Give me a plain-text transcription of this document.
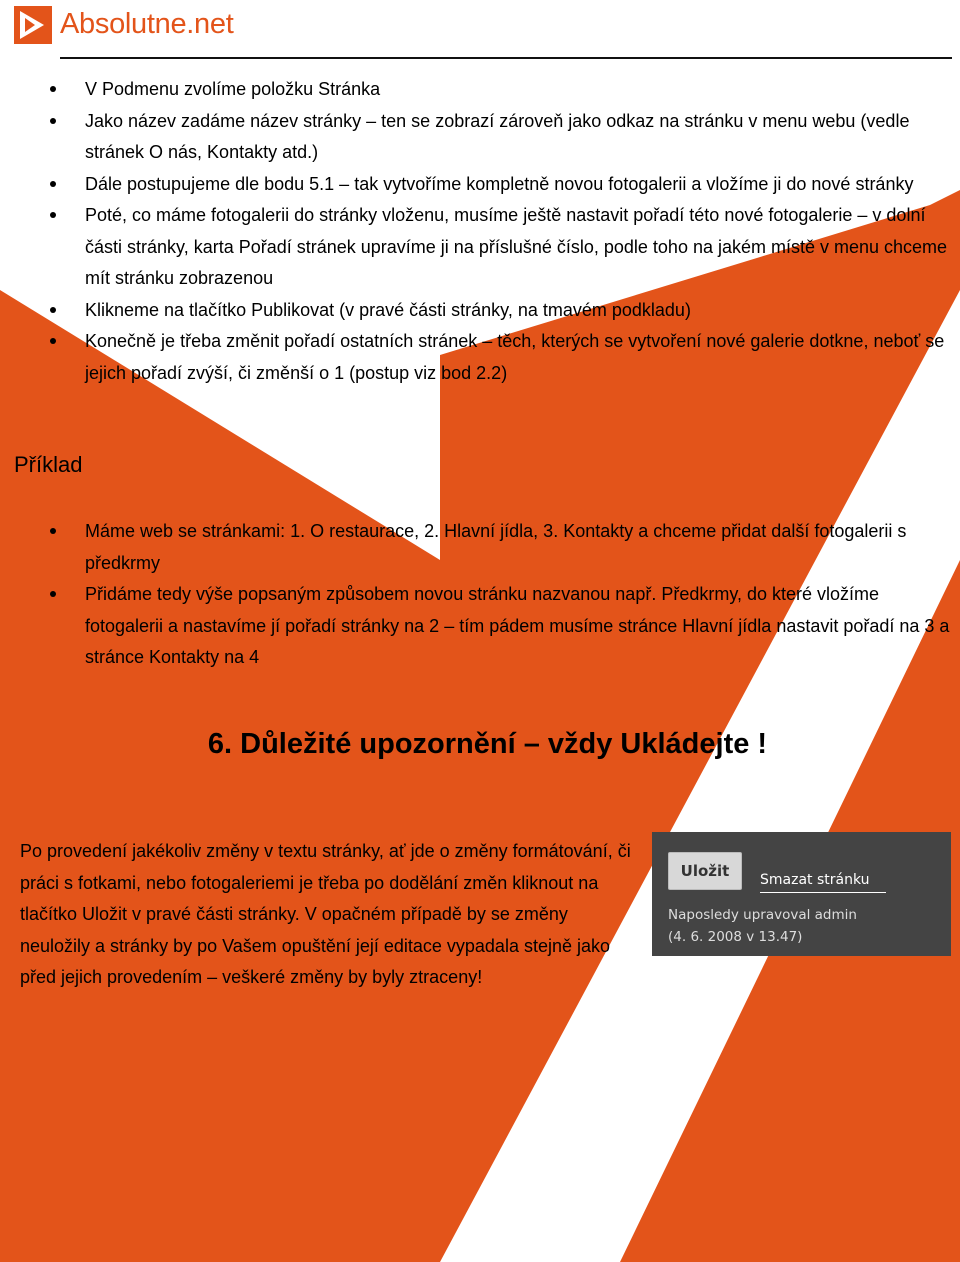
Absolutne.net
V Podmenu zvolíme položku Stránka
Jako název zadáme název stránky – ten se zobrazí zároveň jako odkaz na stránku v menu webu (vedle stránek O nás, Kontakty atd.)
Dále postupujeme dle bodu 5.1 – tak vytvoříme kompletně novou fotogalerii a vložíme ji do nové stránky
Poté, co máme fotogalerii do stránky vloženu, musíme ještě nastavit pořadí této nové fotogalerie – v dolní části stránky, karta Pořadí stránek upravíme ji na příslušné číslo, podle toho na jakém místě v menu chceme mít stránku zobrazenou
Klikneme na tlačítko Publikovat (v pravé části stránky, na tmavém podkladu)
Konečně je třeba změnit pořadí ostatních stránek – těch, kterých se vytvoření nové galerie dotkne, neboť se jejich pořadí zvýší, či změnší o 1 (postup viz bod 2.2)
Příklad
Máme web se stránkami: 1. O restaurace, 2. Hlavní jídla, 3. Kontakty a chceme přidat další fotogalerii s předkrmy
Přidáme tedy výše popsaným způsobem novou stránku nazvanou např. Předkrmy, do které vložíme fotogalerii a nastavíme jí pořadí stránky na 2 – tím pádem musíme stránce Hlavní jídla nastavit pořadí na 3 a stránce Kontakty na 4
6. Důležité upozornění – vždy Ukládejte !
Po provedení jakékoliv změny v textu stránky, ať jde o změny formátování, či práci s fotkami, nebo fotogaleriemi je třeba po dodělání změn kliknout na tlačítko Uložit v pravé části stránky. V opačném případě by se změny neuložily a stránky by po Vašem opuštění její editace vypadala stejně jako před jejich provedením – veškeré změny by byly ztraceny!
Uložit	Smazat stránku
Naposledy upravoval admin
(4. 6. 2008 v 13.47)
